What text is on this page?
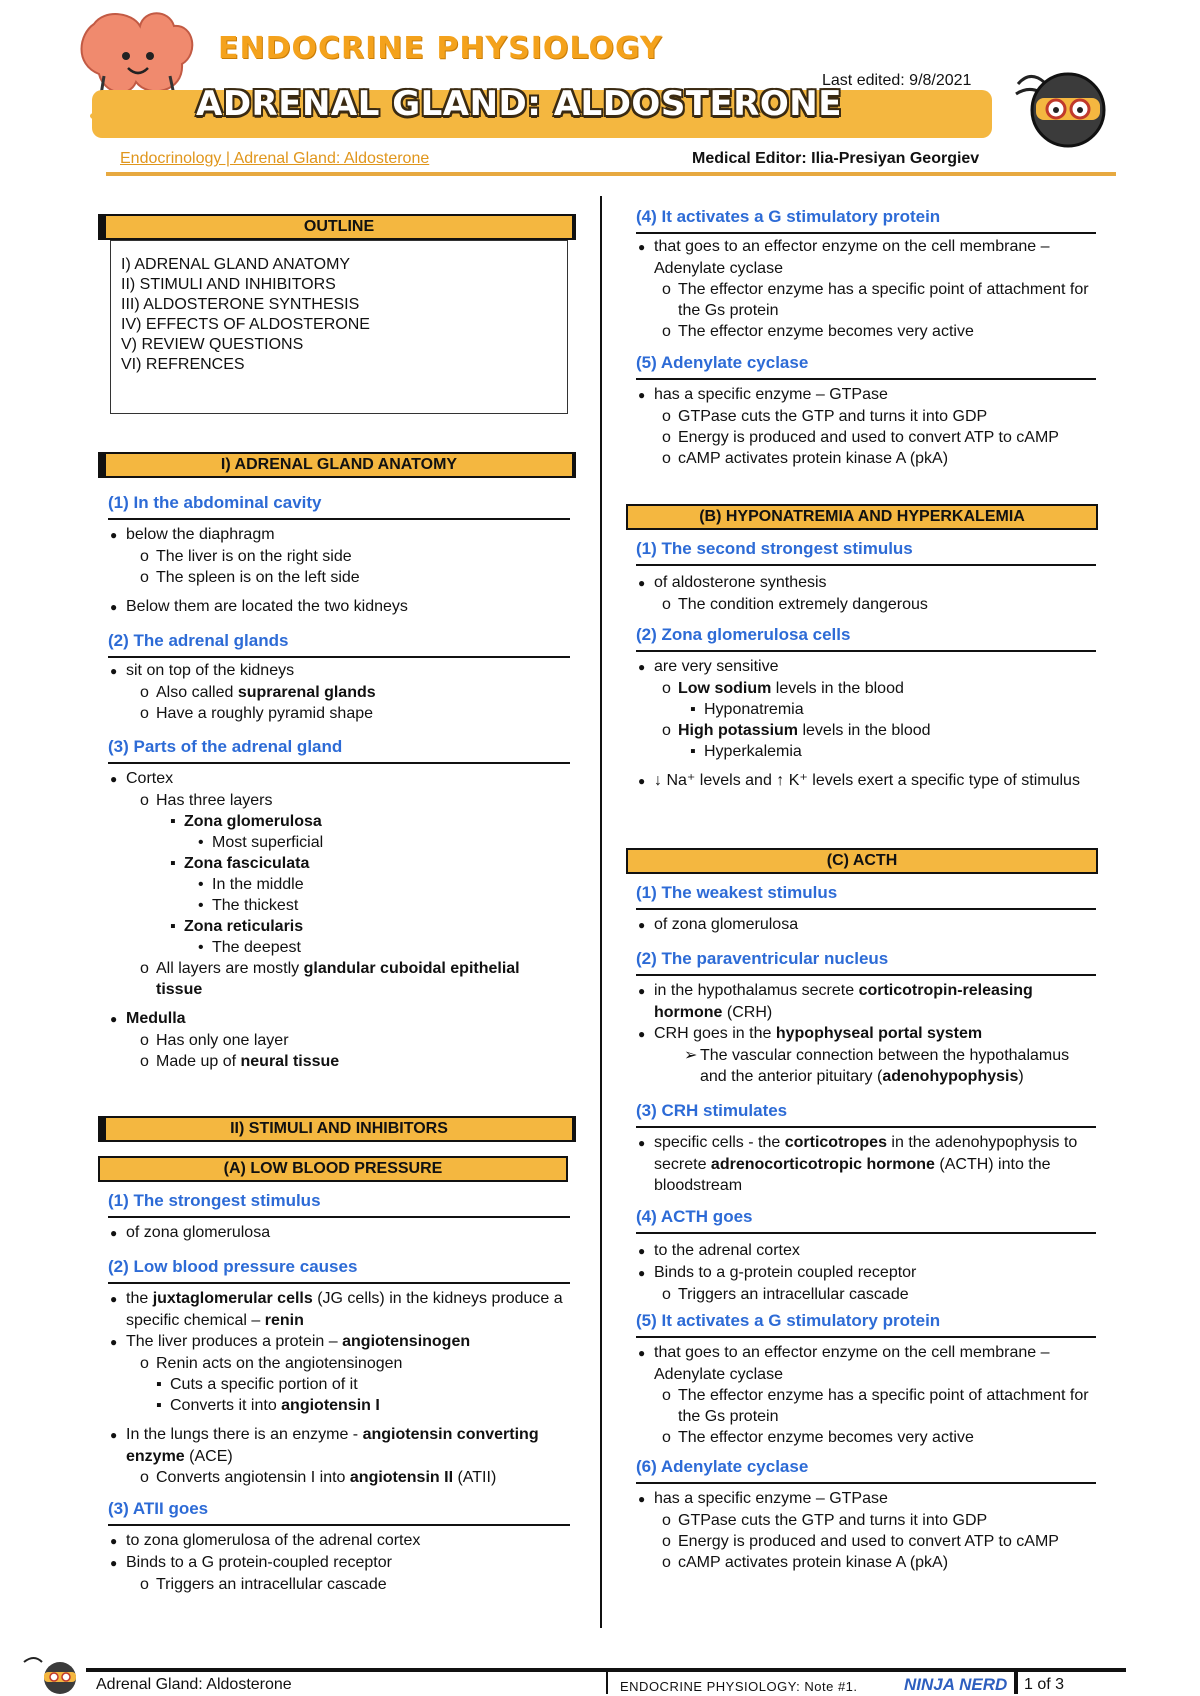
ENDOCRINE PHYSIOLOGY
Last edited: 9/8/2021
ADRENAL GLAND: ALDOSTERONE
Endocrinology | Adrenal Gland: Aldosterone	Medical Editor: Ilia-Presiyan Georgiev
OUTLINE
I) ADRENAL GLAND ANATOMY
II) STIMULI AND INHIBITORS
III) ALDOSTERONE SYNTHESIS
IV) EFFECTS OF ALDOSTERONE
V) REVIEW QUESTIONS
VI) REFRENCES
I) ADRENAL GLAND ANATOMY
(1) In the abdominal cavity
● below the diaphragm
o The liver is on the right side
o The spleen is on the left side
● Below them are located the two kidneys
(2) The adrenal glands
● sit on top of the kidneys
o Also called suprarenal glands
o Have a roughly pyramid shape
(3) Parts of the adrenal gland
● Cortex
o Has three layers
▪ Zona glomerulosa
• Most superficial
▪ Zona fasciculata
• In the middle
• The thickest
▪ Zona reticularis
• The deepest
o All layers are mostly glandular cuboidal epithelial tissue
● Medulla
o Has only one layer
o Made up of neural tissue
II) STIMULI AND INHIBITORS
(A) LOW BLOOD PRESSURE
(1) The strongest stimulus
● of zona glomerulosa
(2) Low blood pressure causes
● the juxtaglomerular cells (JG cells) in the kidneys produce a specific chemical – renin
● The liver produces a protein – angiotensinogen
o Renin acts on the angiotensinogen
▪ Cuts a specific portion of it
▪ Converts it into angiotensin I
● In the lungs there is an enzyme - angiotensin converting enzyme (ACE)
o Converts angiotensin I into angiotensin II (ATII)
(3) ATII goes
● to zona glomerulosa of the adrenal cortex
● Binds to a G protein-coupled receptor
o Triggers an intracellular cascade
(4) It activates a G stimulatory protein
● that goes to an effector enzyme on the cell membrane – Adenylate cyclase
o The effector enzyme has a specific point of attachment for the Gs protein
o The effector enzyme becomes very active
(5) Adenylate cyclase
● has a specific enzyme – GTPase
o GTPase cuts the GTP and turns it into GDP
o Energy is produced and used to convert ATP to cAMP
o cAMP activates protein kinase A (pkA)
(B) HYPONATREMIA AND HYPERKALEMIA
(1) The second strongest stimulus
● of aldosterone synthesis
o The condition extremely dangerous
(2) Zona glomerulosa cells
● are very sensitive
o Low sodium levels in the blood
▪ Hyponatremia
o High potassium levels in the blood
▪ Hyperkalemia
● ↓ Na⁺ levels and ↑ K⁺ levels exert a specific type of stimulus
(C) ACTH
(1) The weakest stimulus
● of zona glomerulosa
(2) The paraventricular nucleus
● in the hypothalamus secrete corticotropin-releasing hormone (CRH)
● CRH goes in the hypophyseal portal system
➢ The vascular connection between the hypothalamus and the anterior pituitary (adenohypophysis)
(3) CRH stimulates
● specific cells - the corticotropes in the adenohypophysis to secrete adrenocorticotropic hormone (ACTH) into the bloodstream
(4) ACTH goes
● to the adrenal cortex
● Binds to a g-protein coupled receptor
o Triggers an intracellular cascade
(5) It activates a G stimulatory protein
● that goes to an effector enzyme on the cell membrane – Adenylate cyclase
o The effector enzyme has a specific point of attachment for the Gs protein
o The effector enzyme becomes very active
(6) Adenylate cyclase
● has a specific enzyme – GTPase
o GTPase cuts the GTP and turns it into GDP
o Energy is produced and used to convert ATP to cAMP
o cAMP activates protein kinase A (pkA)
Adrenal Gland: Aldosterone	ENDOCRINE PHYSIOLOGY: Note #1.	NINJA NERD 1 of 3
